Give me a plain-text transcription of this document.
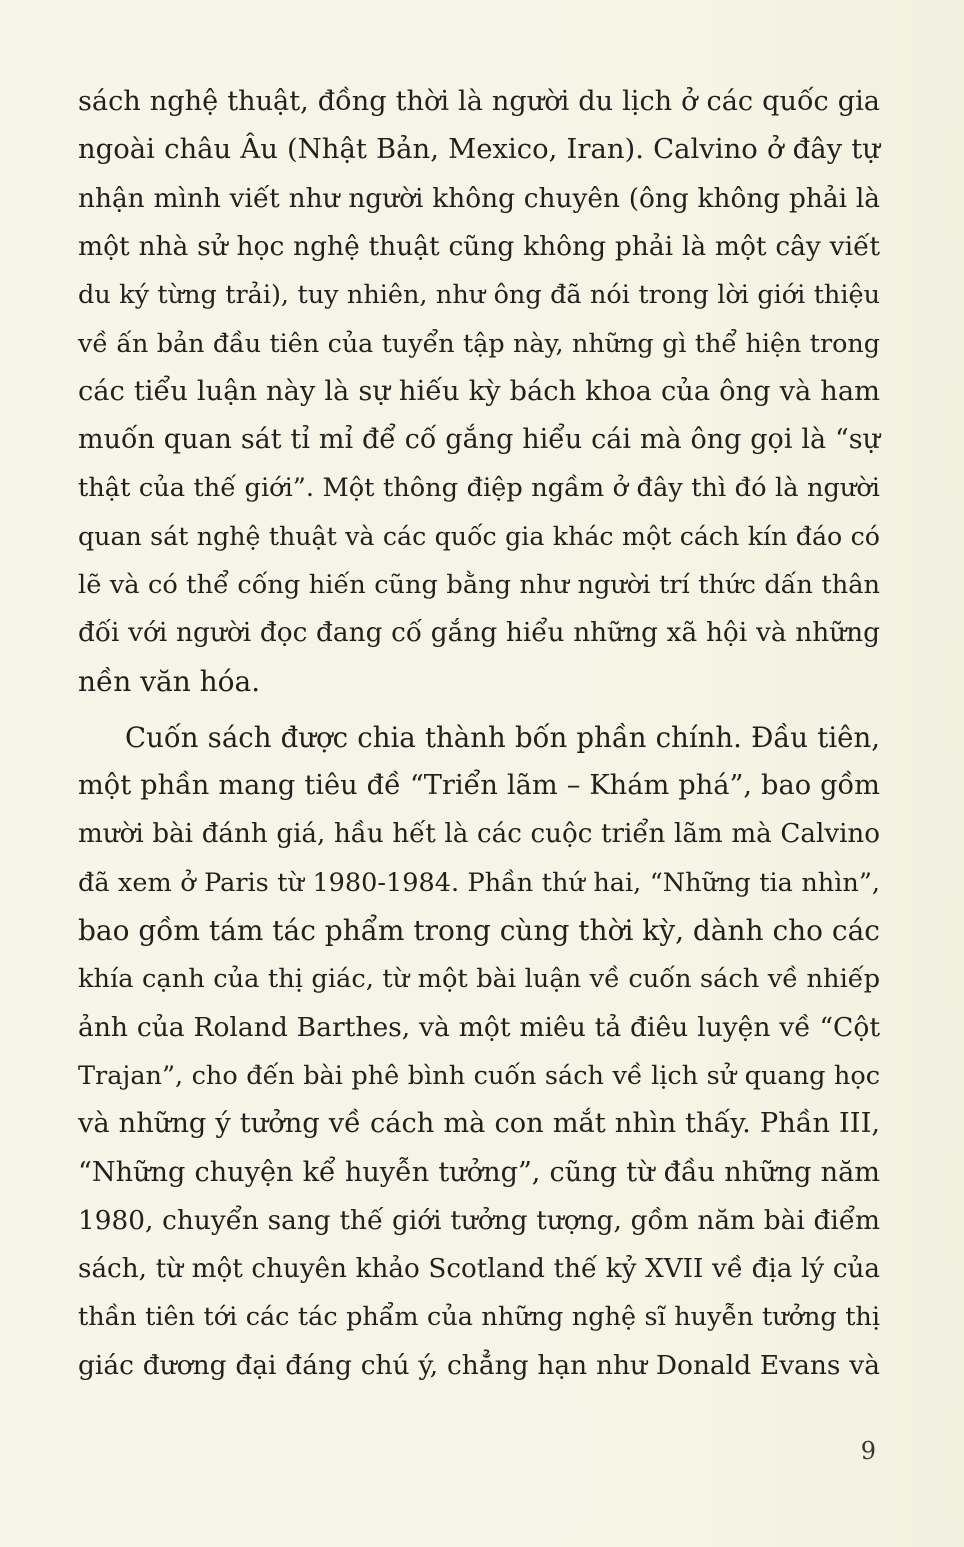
sách nghệ thuật, đồng thời là người du lịch ở các quốc gia
ngoài châu Âu (Nhật Bản, Mexico, Iran). Calvino ở đây tự
nhận mình viết như người không chuyên (ông không phải là
một nhà sử học nghệ thuật cũng không phải là một cây viết
du ký từng trải), tuy nhiên, như ông đã nói trong lời giới thiệu
về ấn bản đầu tiên của tuyển tập này, những gì thể hiện trong
các tiểu luận này là sự hiếu kỳ bách khoa của ông và ham
muốn quan sát tỉ mỉ để cố gắng hiểu cái mà ông gọi là “sự
thật của thế giới”. Một thông điệp ngầm ở đây thì đó là người
quan sát nghệ thuật và các quốc gia khác một cách kín đáo có
lẽ và có thể cống hiến cũng bằng như người trí thức dấn thân
đối với người đọc đang cố gắng hiểu những xã hội và những
nền văn hóa.
Cuốn sách được chia thành bốn phần chính. Đầu tiên,
một phần mang tiêu đề “Triển lãm – Khám phá”, bao gồm
mười bài đánh giá, hầu hết là các cuộc triển lãm mà Calvino
đã xem ở Paris từ 1980-1984. Phần thứ hai, “Những tia nhìn”,
bao gồm tám tác phẩm trong cùng thời kỳ, dành cho các
khía cạnh của thị giác, từ một bài luận về cuốn sách về nhiếp
ảnh của Roland Barthes, và một miêu tả điêu luyện về “Cột
Trajan”, cho đến bài phê bình cuốn sách về lịch sử quang học
và những ý tưởng về cách mà con mắt nhìn thấy. Phần III,
“Những chuyện kể huyễn tưởng”, cũng từ đầu những năm
1980, chuyển sang thế giới tưởng tượng, gồm năm bài điểm
sách, từ một chuyên khảo Scotland thế kỷ XVII về địa lý của
thần tiên tới các tác phẩm của những nghệ sĩ huyễn tưởng thị
giác đương đại đáng chú ý, chẳng hạn như Donald Evans và
9
